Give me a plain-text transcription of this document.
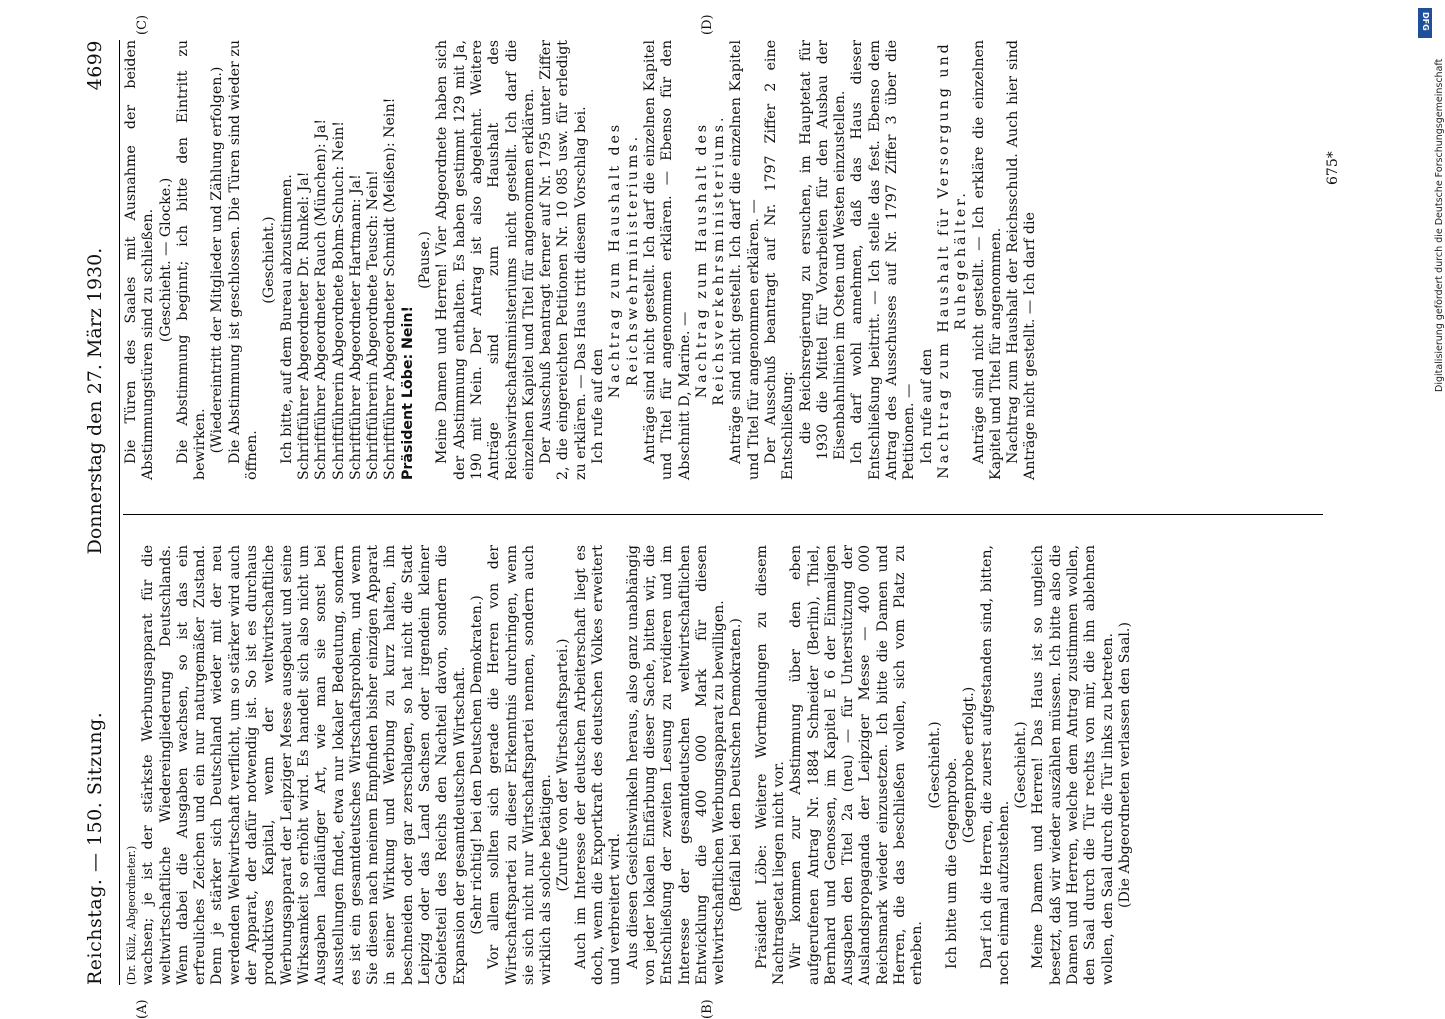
Reichstag. — 150. Sitzung.
Donnerstag den 27. März 1930.
4699
(A)	(B)
(C)	(D)

(Dr. Külz, Abgeordneter.) wachsen; je ist der stärkste Werbungsapparat für die weltwirtschaftliche Wiedereingliederung Deutschlands. Wenn dabei die Ausgaben wachsen, so ist das ein erfreuliches Zeichen und ein nur naturgemäßer Zustand. Denn je stärker sich Deutschland wieder mit der neu werdenden Weltwirtschaft verflicht, um so stärker wird auch der Apparat, der dafür notwendig ist. So ist es durchaus produktives Kapital, wenn der weltwirtschaftliche Werbungsapparat der Leipziger Messe ausgebaut und seine Wirksamkeit so erhöht wird. Es handelt sich also nicht um Ausgaben landläufiger Art, wie man sie sonst bei Ausstellungen findet, etwa nur lokaler Bedeutung, sondern es ist ein gesamtdeutsches Wirtschaftsproblem, und wenn Sie diesen nach meinem Empfinden bisher einzigen Apparat in seiner Wirkung und Werbung zu kurz halten, ihn beschneiden oder gar zerschlagen, so hat nicht die Stadt Leipzig oder das Land Sachsen oder irgendein kleiner Gebietsteil des Reichs den Nachteil davon, sondern die Expansion der gesamtdeutschen Wirtschaft. (Sehr richtig! bei den Deutschen Demokraten.) Vor allem sollten sich gerade die Herren von der Wirtschaftspartei zu dieser Erkenntnis durchringen, wenn sie sich nicht nur Wirtschaftspartei nennen, sondern auch wirklich als solche betätigen. (Zurufe von der Wirtschaftspartei.) Auch im Interesse der deutschen Arbeiterschaft liegt es doch, wenn die Exportkraft des deutschen Volkes erweitert und verbreitert wird. Aus diesen Gesichtswinkeln heraus, also ganz unabhängig von jeder lokalen Einfärbung dieser Sache, bitten wir, die Entschließung der zweiten Lesung zu revidieren und im Interesse der gesamtdeutschen weltwirtschaftlichen Entwicklung die 400 000 Mark für diesen weltwirtschaftlichen Werbungsapparat zu bewilligen. (Beifall bei den Deutschen Demokraten.) Präsident Löbe: Weitere Wortmeldungen zu diesem Nachtragsetat liegen nicht vor. Wir kommen zur Abstimmung über den eben aufgerufenen Antrag Nr. 1884 Schneider (Berlin), Thiel, Bernhard und Genossen, im Kapitel E 6 der Einmaligen Ausgaben den Titel 2a (neu) — für Unterstützung der Auslandspropaganda der Leipziger Messe — 400 000 Reichsmark wieder einzusetzen. Ich bitte die Damen und Herren, die das beschließen wollen, sich vom Platz zu erheben.

(Geschieht.) Ich bitte um die Gegenprobe. (Gegenprobe erfolgt.) Darf ich die Herren, die zuerst aufgestanden sind, bitten, noch einmal aufzustehen.

(Geschieht.) Meine Damen und Herren! Das Haus ist so ungleich besetzt, daß wir wieder auszählen müssen. Ich bitte also die Damen und Herren, welche dem Antrag zustimmen wollen, den Saal durch die Tür rechts von mir, die ihn ablehnen wollen, den Saal durch die Tür links zu betreten. (Die Abgeordneten verlassen den Saal.)

Die Türen des Saales mit Ausnahme der beiden Abstimmungstüren sind zu schließen. (Geschieht. — Glocke.) Die Abstimmung beginnt; ich bitte den Eintritt zu bewirken. (Wiedereintritt der Mitglieder und Zählung erfolgen.) Die Abstimmung ist geschlossen. Die Türen sind wieder zu öffnen.

(Geschieht.) Ich bitte, auf dem Bureau abzustimmen. Schriftführer Abgeordneter Dr. Runkel: Ja! Schriftführer Abgeordneter Rauch (München): Ja! Schriftführerin Abgeordnete Bohm-Schuch: Nein! Schriftführer Abgeordneter Hartmann: Ja! Schriftführerin Abgeordnete Teusch: Nein! Schriftführer Abgeordneter Schmidt (Meißen): Nein! Präsident Löbe: Nein!

(Pause.) Meine Damen und Herren! Vier Abgeordnete haben sich der Abstimmung enthalten. Es haben gestimmt 129 mit Ja, 190 mit Nein. Der Antrag ist also abgelehnt. Weitere Anträge sind zum Haushalt des Reichswirtschaftsministeriums nicht gestellt. Ich darf die einzelnen Kapitel und Titel für angenommen erklären. Der Ausschuß beantragt ferner auf Nr. 1795 unter Ziffer 2, die eingereichten Petitionen Nr. 10 085 usw. für erledigt zu erklären. — Das Haus tritt diesem Vorschlag bei. Ich rufe auf den

Nachtrag zum Haushalt des Reichswehrministeriums. Anträge sind nicht gestellt. Ich darf die einzelnen Kapitel und Titel für angenommen erklären. — Ebenso für den Abschnitt D, Marine. — Nachtrag zum Haushalt des Reichsverkehrsministeriums. Anträge sind nicht gestellt. Ich darf die einzelnen Kapitel und Titel für angenommen erklären. — Der Ausschuß beantragt auf Nr. 1797 Ziffer 2 eine Entschließung: die Reichsregierung zu ersuchen, im Hauptetat für 1930 die Mittel für Vorarbeiten für den Ausbau der Eisenbahnlinien im Osten und Westen einzustellen. Ich darf wohl annehmen, daß das Haus dieser Entschließung beitritt. — Ich stelle das fest. Ebenso dem Antrag des Ausschusses auf Nr. 1797 Ziffer 3 über die Petitionen. — Ich rufe auf den Nachtrag zum Haushalt für Versorgung und Ruhegehälter. Anträge sind nicht gestellt. — Ich erkläre die einzelnen Kapitel und Titel für angenommen. Nachtrag zum Haushalt der Reichsschuld. Auch hier sind Anträge nicht gestellt. — Ich darf die

675*
DFG
Digitalisierung gefördert durch die Deutsche Forschungsgemeinschaft
